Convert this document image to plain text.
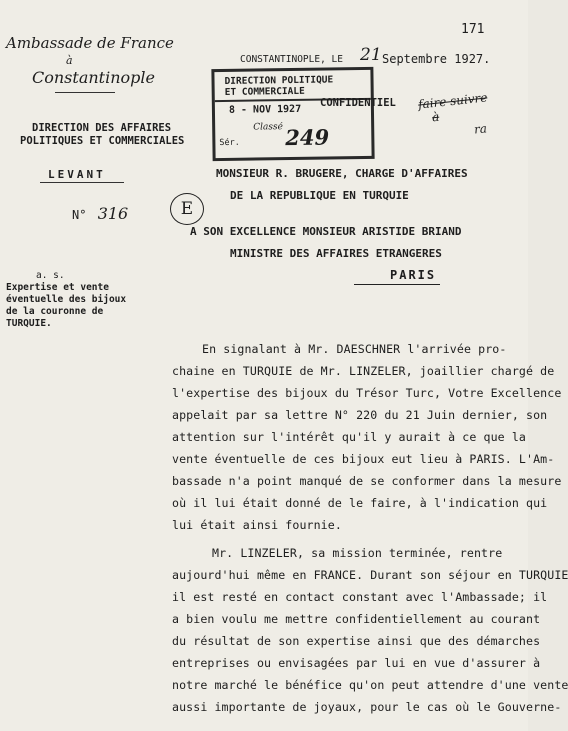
171
Ambassade de France
à
Constantinople
DIRECTION DES AFFAIRES
POLITIQUES ET COMMERCIALES
LEVANT
N° 316
CONSTANTINOPLE, LE 21 Septembre 1927.
DIRECTION POLITIQUE
ET COMMERCIALE
8 - NOV 1927
Classé
Sér. 249
CONFIDENTIEL faire suivre
à
ra
E
MONSIEUR R. BRUGERE, CHARGE D'AFFAIRES
DE LA REPUBLIQUE EN TURQUIE
A SON EXCELLENCE MONSIEUR ARISTIDE BRIAND
MINISTRE DES AFFAIRES ETRANGERES
PARIS
a. s.
Expertise et vente
éventuelle des bijoux
de la couronne de
TURQUIE.
En signalant à Mr. DAESCHNER l'arrivée pro-
chaine en TURQUIE de Mr. LINZELER, joaillier chargé de
l'expertise des bijoux du Trésor Turc, Votre Excellence
appelait par sa lettre N° 220 du 21 Juin dernier, son
attention sur l'intérêt qu'il y aurait à ce que la
vente éventuelle de ces bijoux eut lieu à PARIS. L'Am-
bassade n'a point manqué de se conformer dans la mesure
où il lui était donné de le faire, à l'indication qui
lui était ainsi fournie.
Mr. LINZELER, sa mission terminée, rentre
aujourd'hui même en FRANCE. Durant son séjour en TURQUIE
il est resté en contact constant avec l'Ambassade; il
a bien voulu me mettre confidentiellement au courant
du résultat de son expertise ainsi que des démarches
entreprises ou envisagées par lui en vue d'assurer à
notre marché le bénéfice qu'on peut attendre d'une vente
aussi importante de joyaux, pour le cas où le Gouverne-
